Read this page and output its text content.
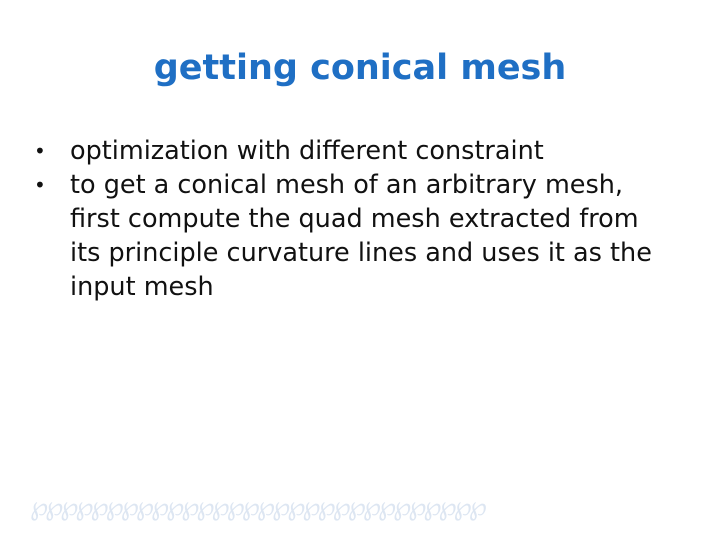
getting conical mesh
• optimization with different constraint
• to get a conical mesh of an arbitrary mesh, first compute the quad mesh extracted from its principle curvature lines and uses it as the input mesh
℘℘℘℘℘℘℘℘℘℘℘℘℘℘℘℘℘℘℘℘℘℘℘℘℘℘℘℘℘℘
